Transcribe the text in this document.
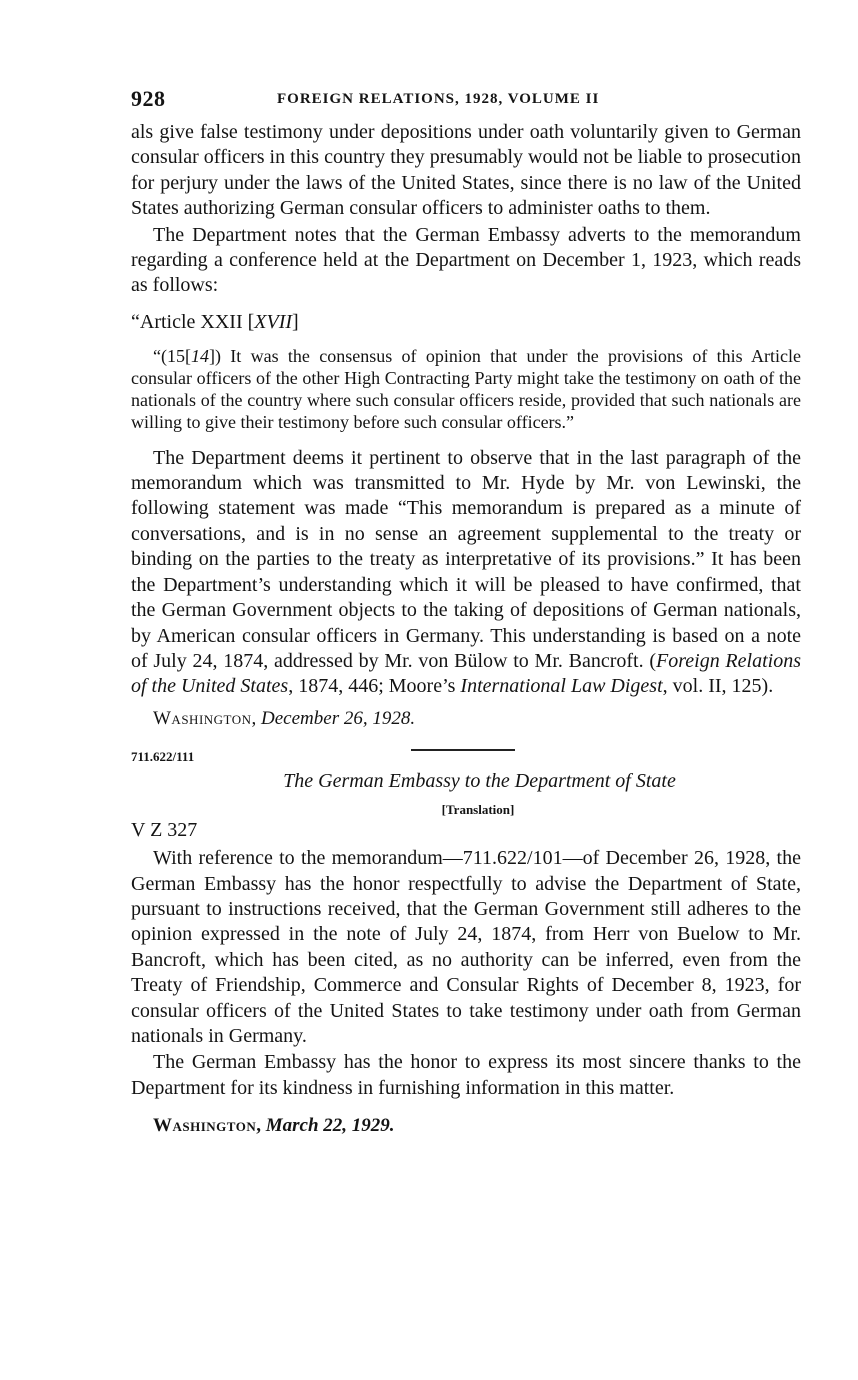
928	FOREIGN RELATIONS, 1928, VOLUME II

als give false testimony under depositions under oath voluntarily given to German consular officers in this country they presumably would not be liable to prosecution for perjury under the laws of the United States, since there is no law of the United States authorizing German consular officers to administer oaths to them.

The Department notes that the German Embassy adverts to the memorandum regarding a conference held at the Department on December 1, 1923, which reads as follows:

“Article XXII [XVII]
“(15[14]) It was the consensus of opinion that under the provisions of this Article consular officers of the other High Contracting Party might take the testimony on oath of the nationals of the country where such consular officers reside, provided that such nationals are willing to give their testimony before such consular officers.”

The Department deems it pertinent to observe that in the last paragraph of the memorandum which was transmitted to Mr. Hyde by Mr. von Lewinski, the following statement was made “This memorandum is prepared as a minute of conversations, and is in no sense an agreement supplemental to the treaty or binding on the parties to the treaty as interpretative of its provisions.” It has been the Department’s understanding which it will be pleased to have confirmed, that the German Government objects to the taking of depositions of German nationals, by American consular officers in Germany. This understanding is based on a note of July 24, 1874, addressed by Mr. von Bülow to Mr. Bancroft. (Foreign Relations of the United States, 1874, 446; Moore’s International Law Digest, vol. II, 125).

Washington, December 26, 1928.

711.622/111
The German Embassy to the Department of State
[Translation]
V Z 327

With reference to the memorandum—711.622/101—of December 26, 1928, the German Embassy has the honor respectfully to advise the Department of State, pursuant to instructions received, that the German Government still adheres to the opinion expressed in the note of July 24, 1874, from Herr von Buelow to Mr. Bancroft, which has been cited, as no authority can be inferred, even from the Treaty of Friendship, Commerce and Consular Rights of December 8, 1923, for consular officers of the United States to take testimony under oath from German nationals in Germany.

The German Embassy has the honor to express its most sincere thanks to the Department for its kindness in furnishing information in this matter.

Washington, March 22, 1929.
